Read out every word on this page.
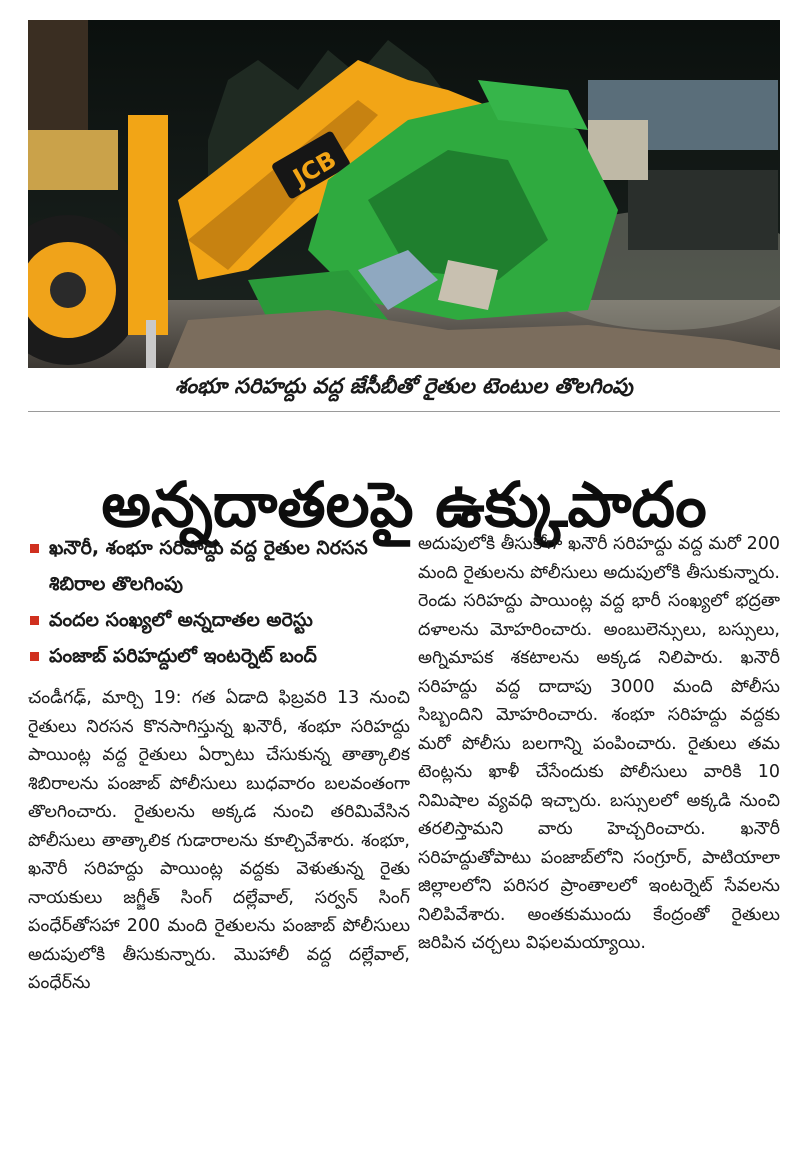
JCB
శంభూ సరిహద్దు వద్ద జేసీబీతో రైతుల టెంటుల తొలగింపు
అన్నదాతలపై ఉక్కుపాదం
ఖనౌరీ, శంభూ సరిహద్దు వద్ద రైతుల నిరసన శిబిరాల తొలగింపు
వందల సంఖ్యలో అన్నదాతల అరెస్టు
పంజాబ్ పరిహద్దులో ఇంటర్నెట్ బంద్

చండీగఢ్, మార్చి 19: గత ఏడాది ఫిబ్రవరి 13 నుంచి రైతులు నిరసన కొనసాగిస్తున్న ఖనౌరీ, శంభూ సరిహద్దు పాయింట్ల వద్ద రైతులు ఏర్పాటు చేసుకున్న తాత్కాలిక శిబిరాలను పంజాబ్ పోలీసులు బుధవారం బలవంతంగా తొలగించారు. రైతులను అక్కడ నుంచి తరిమివేసిన పోలీసులు తాత్కాలిక గుడారాలను కూల్చివేశారు. శంభూ, ఖనౌరీ సరిహద్దు పాయింట్ల వద్దకు వెళుతున్న రైతు నాయకులు జగ్జీత్ సింగ్ దల్లేవాల్, సర్వన్ సింగ్ పంధేర్‌తోసహా 200 మంది రైతులను పంజాబ్ పోలీసులు అదుపులోకి తీసుకున్నారు. మొహాలీ వద్ద దల్లేవాల్, పంధేర్‌ను

అదుపులోకి తీసుకోగా ఖనౌరీ సరిహద్దు వద్ద మరో 200 మంది రైతులను పోలీసులు అదుపులోకి తీసుకున్నారు. రెండు సరిహద్దు పాయింట్ల వద్ద భారీ సంఖ్యలో భద్రతా దళాలను మోహరించారు. అంబులెన్సులు, బస్సులు, అగ్నిమాపక శకటాలను అక్కడ నిలిపారు. ఖనౌరీ సరిహద్దు వద్ద దాదాపు 3000 మంది పోలీసు సిబ్బందిని మోహరించారు. శంభూ సరిహద్దు వద్దకు మరో పోలీసు బలగాన్ని పంపించారు. రైతులు తమ టెంట్లను ఖాళీ చేసేందుకు పోలీసులు వారికి 10 నిమిషాల వ్యవధి ఇచ్చారు. బస్సులలో అక్కడి నుంచి తరలిస్తామని వారు హెచ్చరించారు. ఖనౌరీ సరిహద్దుతోపాటు పంజాబ్‌లోని సంగ్రూర్, పాటియాలా జిల్లాలలోని పరిసర ప్రాంతాలలో ఇంటర్నెట్ సేవలను నిలిపివేశారు. అంతకుముందు కేంద్రంతో రైతులు జరిపిన చర్చలు విఫలమయ్యాయి.
